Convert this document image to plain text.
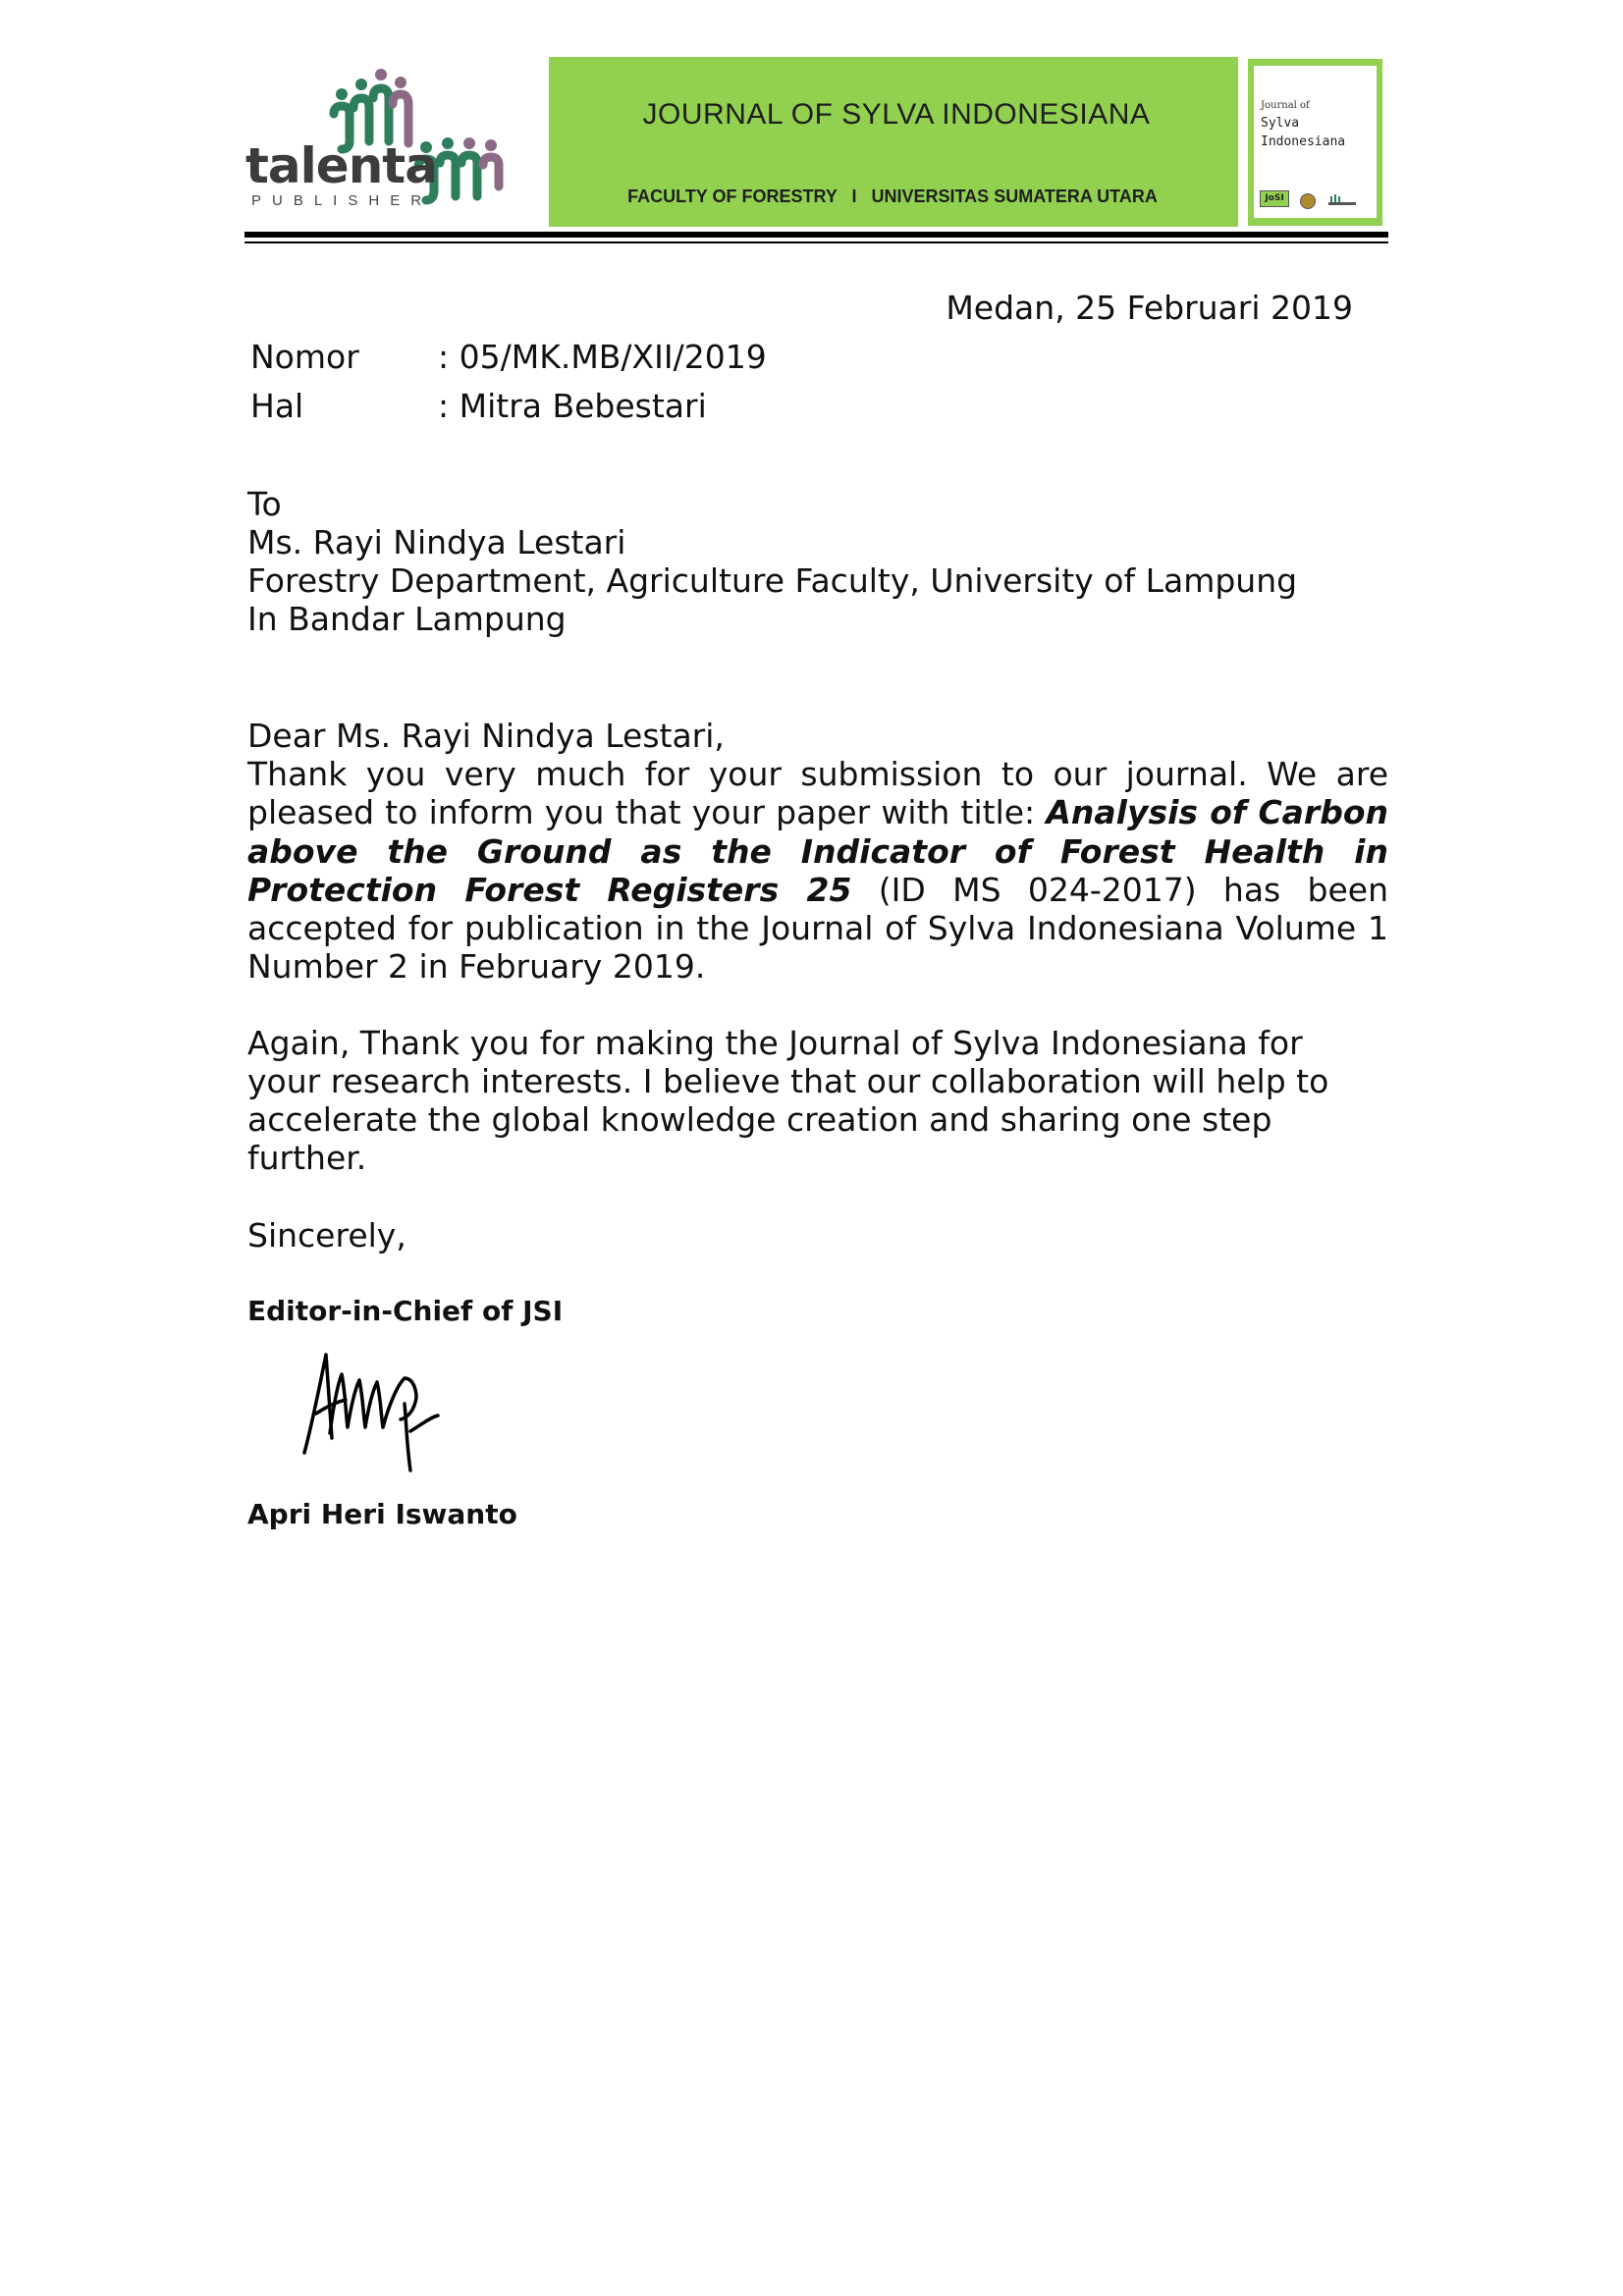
talenta
PUBLISHER
JOURNAL OF SYLVA INDONESIANA
FACULTY OF FORESTRY   I   UNIVERSITAS SUMATERA UTARA
Journal of
Sylva
Indonesiana
JoSI
Medan, 25 Februari 2019
Nomor : 05/MK.MB/XII/2019
Hal	: Mitra Bebestari
To
Ms. Rayi Nindya Lestari
Forestry Department, Agriculture Faculty, University of Lampung
In Bandar Lampung
Dear Ms. Rayi Nindya Lestari,
Thank you very much for your submission to our journal. We are pleased to inform you that your paper with title: Analysis of Carbon above the Ground as the Indicator of Forest Health in Protection Forest Registers 25 (ID MS 024-2017) has been accepted for publication in the Journal of Sylva Indonesiana Volume 1 Number 2 in February 2019.
Again, Thank you for making the Journal of Sylva Indonesiana for
your research interests. I believe that our collaboration will help to
accelerate the global knowledge creation and sharing one step
further.
Sincerely,
Editor-in-Chief of JSI
Apri Heri Iswanto
